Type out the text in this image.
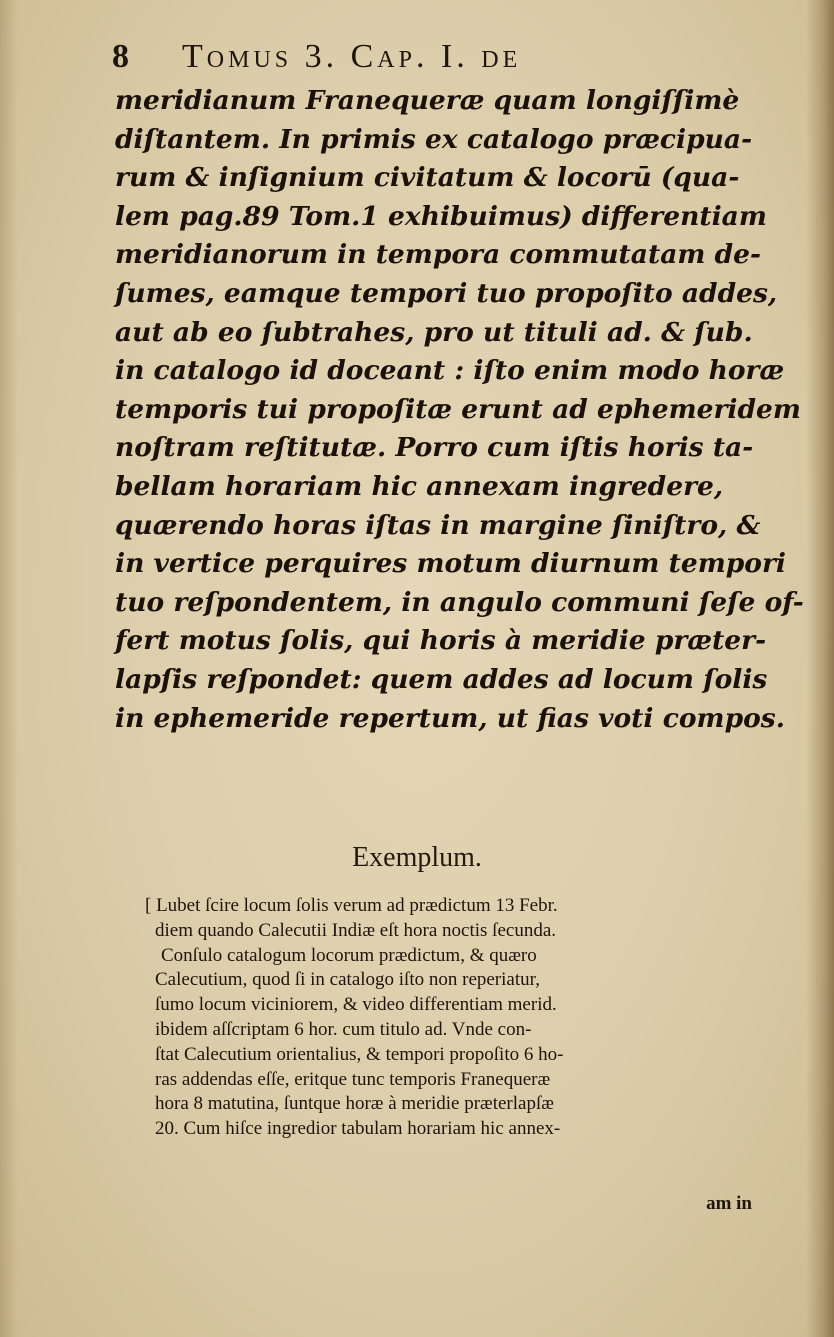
8 Tomus 3. Cap. I. de
meridianum Franequeræ quam longiſſimè
diſtantem. In primis ex catalogo præcipua-
rum & inſignium civitatum & locorū (qua-
lem pag.89 Tom.1 exhibuimus) differentiam
meridianorum in tempora commutatam de-
ſumes, eamque tempori tuo propoſito addes,
aut ab eo ſubtrahes, pro ut tituli ad. & ſub.
in catalogo id doceant : iſto enim modo horæ
temporis tui propoſitæ erunt ad ephemeridem
noſtram reſtitutæ. Porro cum iſtis horis ta-
bellam horariam hic annexam ingredere,
quærendo horas iſtas in margine ſiniſtro, &
in vertice perquires motum diurnum tempori
tuo reſpondentem, in angulo communi ſeſe of-
fert motus ſolis, qui horis à meridie præter-
lapſis reſpondet: quem addes ad locum ſolis
in ephemeride repertum, ut fias voti compos.
Exemplum.
[ Lubet ſcire locum ſolis verum ad prædictum 13 Febr.
diem quando Calecutii Indiæ eſt hora noctis ſecunda.
Conſulo catalogum locorum prædictum, & quæro
Calecutium, quod ſi in catalogo iſto non reperiatur,
ſumo locum viciniorem, & video differentiam merid.
ibidem aſſcriptam 6 hor. cum titulo ad. Vnde con-
ſtat Calecutium orientalius, & tempori propoſito 6 ho-
ras addendas eſſe, eritque tunc temporis Franequeræ
hora 8 matutina, ſuntque horæ à meridie præterlapſæ
20. Cum hiſce ingredior tabulam horariam hic annex-
am in
